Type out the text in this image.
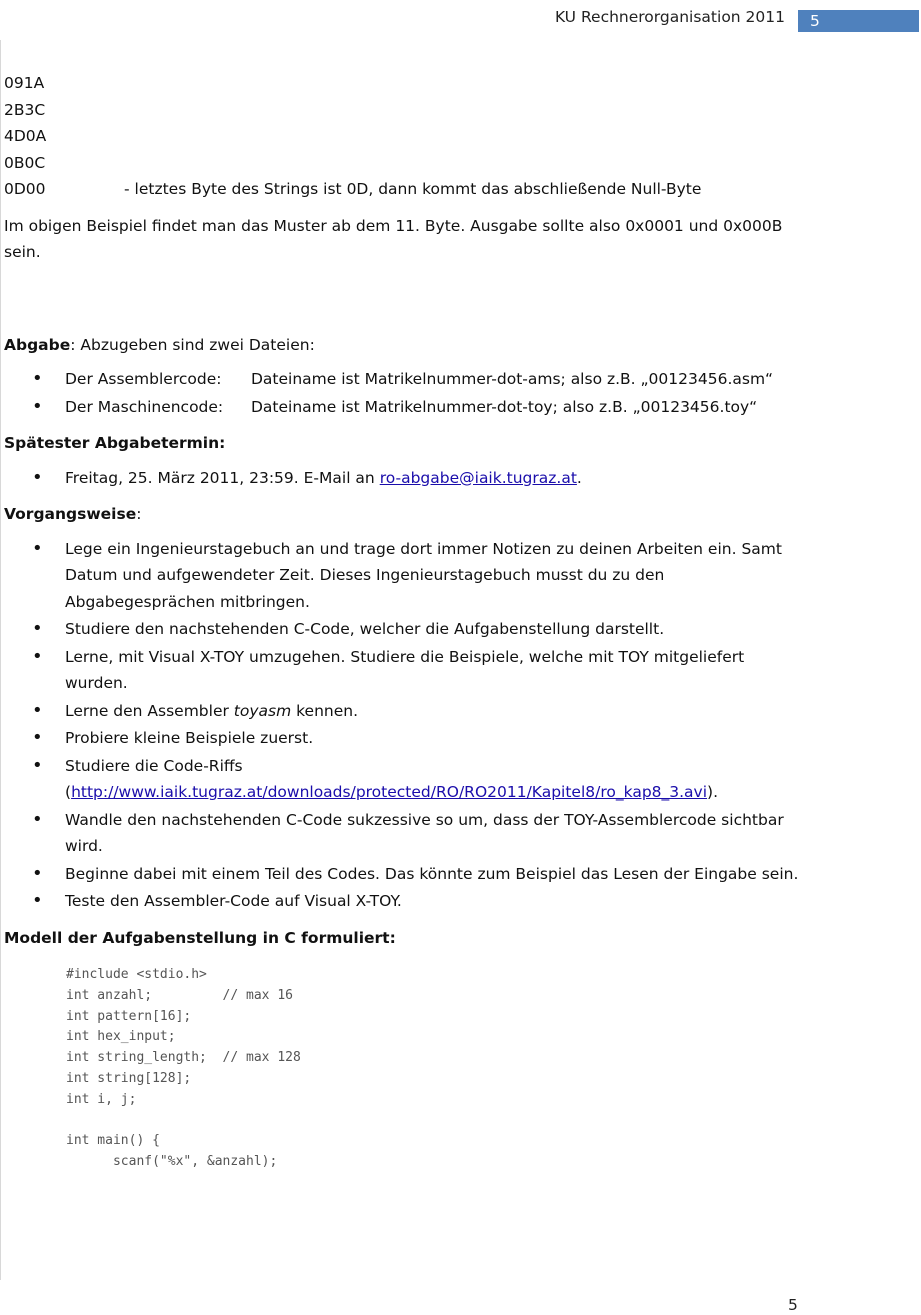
KU Rechnerorganisation 2011	5
091A
2B3C
4D0A
0B0C
0D00	- letztes Byte des Strings ist 0D, dann kommt das abschließende Null-Byte

Im obigen Beispiel findet man das Muster ab dem 11. Byte. Ausgabe sollte also 0x0001 und 0x000B
sein.

Abgabe: Abzugeben sind zwei Dateien:

• Der Assemblercode: Dateiname ist Matrikelnummer-dot-ams; also z.B. „00123456.asm“
• Der Maschinencode: Dateiname ist Matrikelnummer-dot-toy; also z.B. „00123456.toy“

Spätester Abgabetermin:

• Freitag, 25. März 2011, 23:59. E-Mail an ro-abgabe@iaik.tugraz.at.

Vorgangsweise:

• Lege ein Ingenieurstagebuch an und trage dort immer Notizen zu deinen Arbeiten ein. Samt
Datum und aufgewendeter Zeit. Dieses Ingenieurstagebuch musst du zu den
Abgabegesprächen mitbringen.
• Studiere den nachstehenden C-Code, welcher die Aufgabenstellung darstellt.
• Lerne, mit Visual X-TOY umzugehen. Studiere die Beispiele, welche mit TOY mitgeliefert
wurden.
• Lerne den Assembler toyasm kennen.
• Probiere kleine Beispiele zuerst.
• Studiere die Code-Riffs
(http://www.iaik.tugraz.at/downloads/protected/RO/RO2011/Kapitel8/ro_kap8_3.avi).
• Wandle den nachstehenden C-Code sukzessive so um, dass der TOY-Assemblercode sichtbar
wird.
• Beginne dabei mit einem Teil des Codes. Das könnte zum Beispiel das Lesen der Eingabe sein.
• Teste den Assembler-Code auf Visual X-TOY.

Modell der Aufgabenstellung in C formuliert:

#include <stdio.h>
int anzahl;         // max 16
int pattern[16];
int hex_input;
int string_length;  // max 128
int string[128];
int i, j;
int main() {
scanf("%x", &anzahl);
5
